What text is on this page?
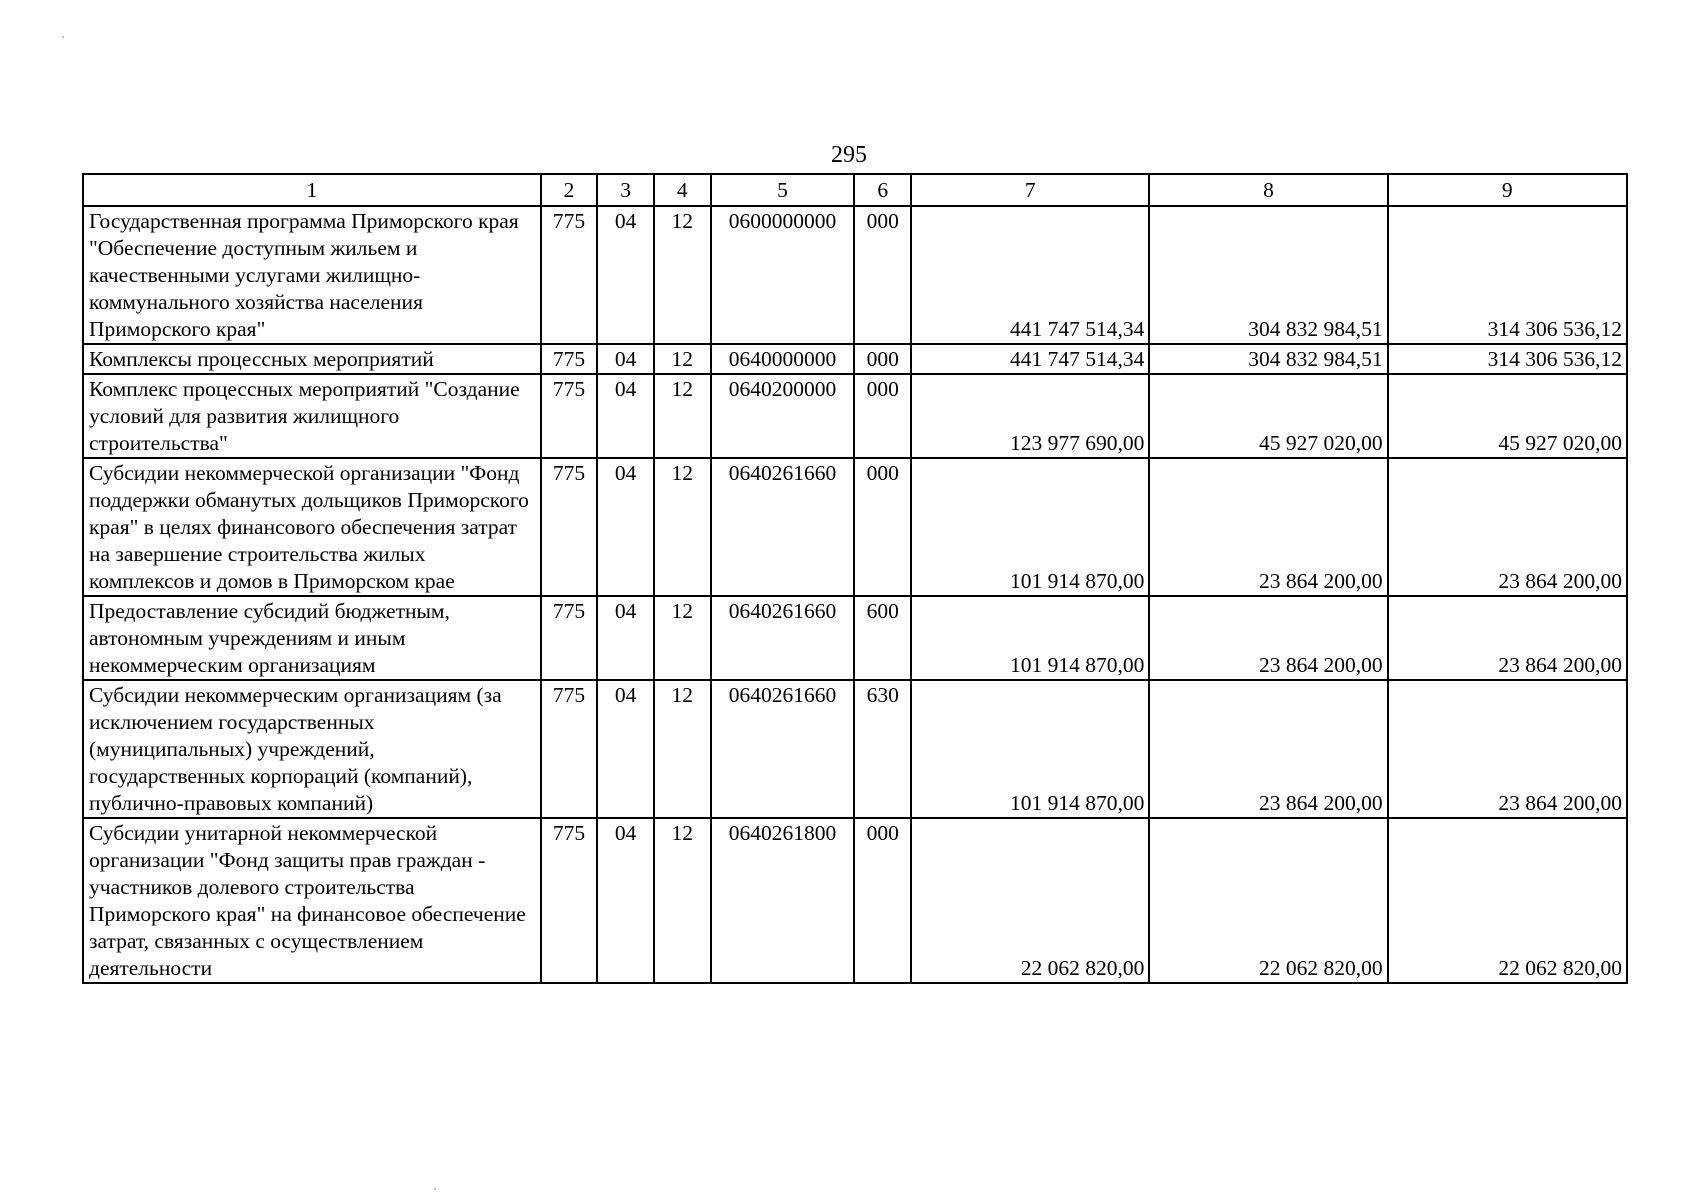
295
1	2	3	4	5	6	7	8	9
Государственная программа Приморского края "Обеспечение доступным жильем и качественными услугами жилищно-коммунального хозяйства населения Приморского края"	775	04	12	0600000000	000	441 747 514,34	304 832 984,51	314 306 536,12
Комплексы процессных мероприятий	775	04	12	0640000000	000	441 747 514,34	304 832 984,51	314 306 536,12
Комплекс процессных мероприятий "Создание условий для развития жилищного строительства"	775	04	12	0640200000	000	123 977 690,00	45 927 020,00	45 927 020,00
Субсидии некоммерческой организации "Фонд поддержки обманутых дольщиков Приморского края" в целях финансового обеспечения затрат на завершение строительства жилых комплексов и домов в Приморском крае	775	04	12	0640261660	000	101 914 870,00	23 864 200,00	23 864 200,00
Предоставление субсидий бюджетным, автономным учреждениям и иным некоммерческим организациям	775	04	12	0640261660	600	101 914 870,00	23 864 200,00	23 864 200,00
Субсидии некоммерческим организациям (за исключением государственных (муниципальных) учреждений, государственных корпораций (компаний), публично-правовых компаний)	775	04	12	0640261660	630	101 914 870,00	23 864 200,00	23 864 200,00
Субсидии унитарной некоммерческой организации "Фонд защиты прав граждан - участников долевого строительства Приморского края" на финансовое обеспечение затрат, связанных с осуществлением деятельности	775	04	12	0640261800	000	22 062 820,00	22 062 820,00	22 062 820,00
